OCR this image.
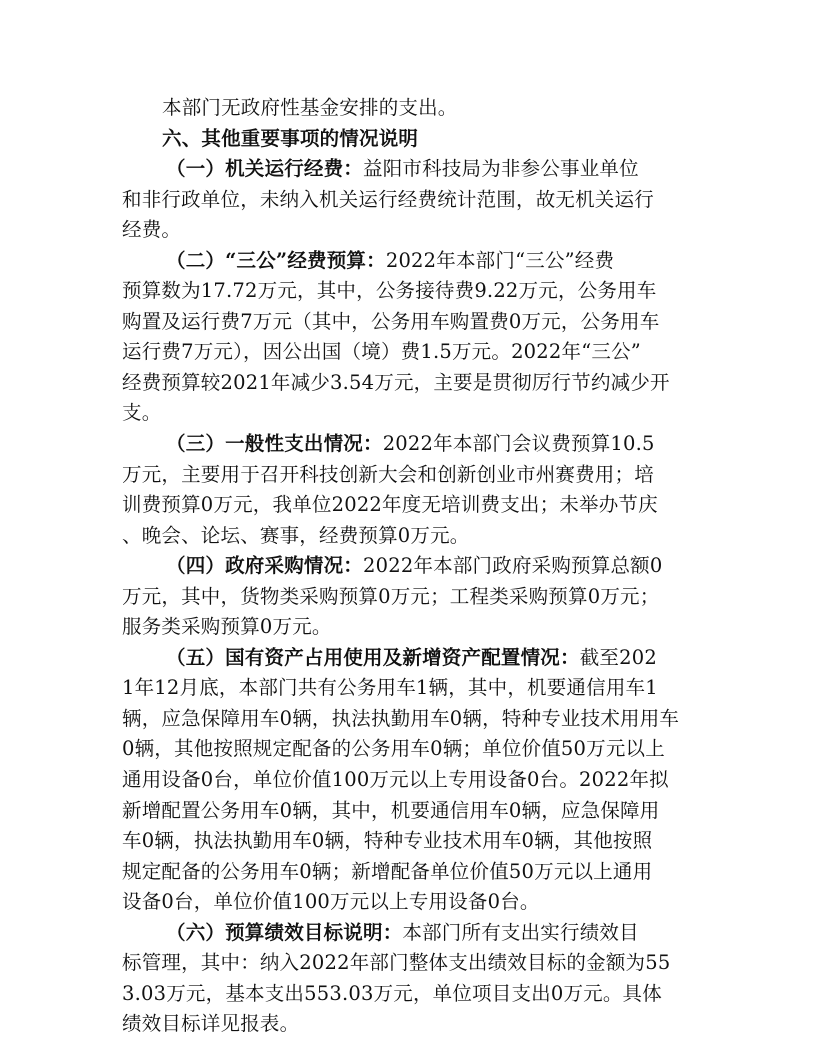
本部门无政府性基金安排的支出。
六、其他重要事项的情况说明
（一）机关运行经费：益阳市科技局为非参公事业单位
和非行政单位，未纳入机关运行经费统计范围，故无机关运行
经费。
（二）“三公”经费预算：2022年本部门“三公”经费
预算数为17.72万元，其中，公务接待费9.22万元，公务用车
购置及运行费7万元（其中，公务用车购置费0万元，公务用车
运行费7万元），因公出国（境）费1.5万元。2022年“三公”
经费预算较2021年减少3.54万元，主要是贯彻厉行节约减少开
支。
（三）一般性支出情况：2022年本部门会议费预算10.5
万元，主要用于召开科技创新大会和创新创业市州赛费用；培
训费预算0万元，我单位2022年度无培训费支出；未举办节庆
、晚会、论坛、赛事，经费预算0万元。
（四）政府采购情况：2022年本部门政府采购预算总额0
万元，其中，货物类采购预算0万元；工程类采购预算0万元；
服务类采购预算0万元。
（五）国有资产占用使用及新增资产配置情况：截至202
1年12月底，本部门共有公务用车1辆，其中，机要通信用车1
辆，应急保障用车0辆，执法执勤用车0辆，特种专业技术用用车
0辆，其他按照规定配备的公务用车0辆；单位价值50万元以上
通用设备0台，单位价值100万元以上专用设备0台。2022年拟
新增配置公务用车0辆，其中，机要通信用车0辆，应急保障用
车0辆，执法执勤用车0辆，特种专业技术用车0辆，其他按照
规定配备的公务用车0辆；新增配备单位价值50万元以上通用
设备0台，单位价值100万元以上专用设备0台。
（六）预算绩效目标说明：本部门所有支出实行绩效目
标管理，其中：纳入2022年部门整体支出绩效目标的金额为55
3.03万元，基本支出553.03万元，单位项目支出0万元。具体
绩效目标详见报表。
